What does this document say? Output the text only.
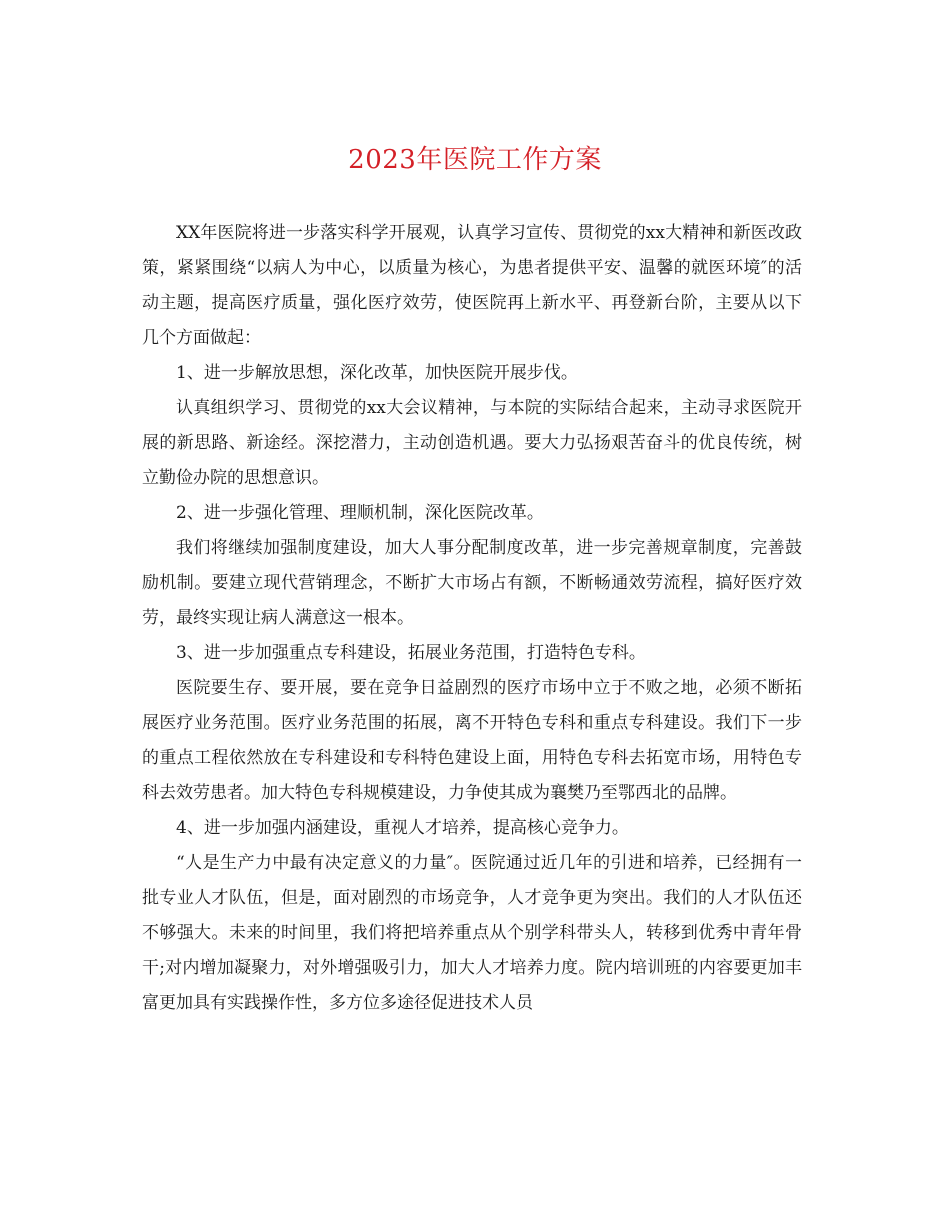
2023年医院工作方案

XX年医院将进一步落实科学开展观，认真学习宣传、贯彻党的xx大精神和新医改政策，紧紧围绕“以病人为中心，以质量为核心，为患者提供平安、温馨的就医环境″的活动主题，提高医疗质量，强化医疗效劳，使医院再上新水平、再登新台阶，主要从以下几个方面做起：

1、进一步解放思想，深化改革，加快医院开展步伐。

认真组织学习、贯彻党的xx大会议精神，与本院的实际结合起来，主动寻求医院开展的新思路、新途经。深挖潜力，主动创造机遇。要大力弘扬艰苦奋斗的优良传统，树立勤俭办院的思想意识。

2、进一步强化管理、理顺机制，深化医院改革。

我们将继续加强制度建设，加大人事分配制度改革，进一步完善规章制度，完善鼓励机制。要建立现代营销理念，不断扩大市场占有额，不断畅通效劳流程，搞好医疗效劳，最终实现让病人满意这一根本。

3、进一步加强重点专科建设，拓展业务范围，打造特色专科。

医院要生存、要开展，要在竞争日益剧烈的医疗市场中立于不败之地，必须不断拓展医疗业务范围。医疗业务范围的拓展，离不开特色专科和重点专科建设。我们下一步的重点工程依然放在专科建设和专科特色建设上面，用特色专科去拓宽市场，用特色专科去效劳患者。加大特色专科规模建设，力争使其成为襄樊乃至鄂西北的品牌。

4、进一步加强内涵建设，重视人才培养，提高核心竞争力。

“人是生产力中最有决定意义的力量″。医院通过近几年的引进和培养，已经拥有一批专业人才队伍，但是，面对剧烈的市场竞争，人才竞争更为突出。我们的人才队伍还不够强大。未来的时间里，我们将把培养重点从个别学科带头人，转移到优秀中青年骨干;对内增加凝聚力，对外增强吸引力，加大人才培养力度。院内培训班的内容要更加丰富更加具有实践操作性，多方位多途径促进技术人员
